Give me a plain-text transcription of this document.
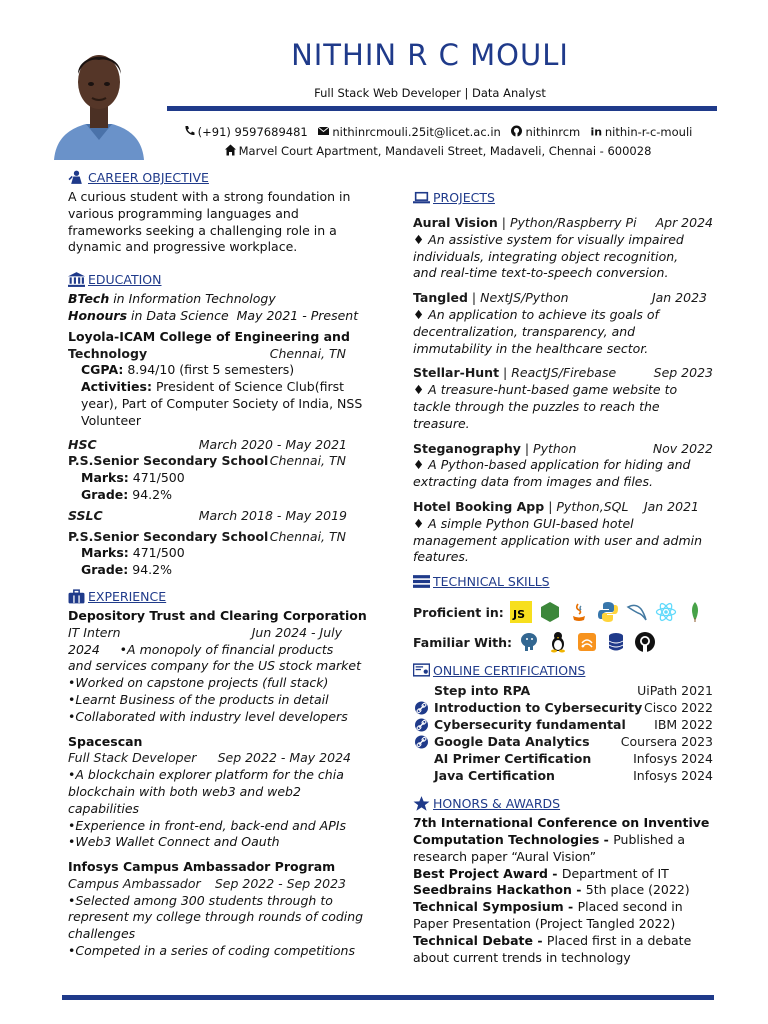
NITHIN R C MOULI
Full Stack Web Developer | Data Analyst
(+91) 9597689481 nithinrcmouli.25it@licet.ac.in nithinrcm in nithin-r-c-mouli
Marvel Court Apartment, Mandaveli Street, Madaveli, Chennai - 600028
CAREER OBJECTIVE
A curious student with a strong foundation in
various programming languages and
frameworks seeking a challenging role in a
dynamic and progressive workplace.
EDUCATION
BTech in Information Technology
Honours in Data Science May 2021 - Present
Loyola-ICAM College of Engineering and
Technology	Chennai, TN
CGPA: 8.94/10 (first 5 semesters)
Activities: President of Science Club(first
year), Part of Computer Society of India, NSS
Volunteer
HSC	March 2020 - May 2021
P.S.Senior Secondary School Chennai, TN
Marks: 471/500
Grade: 94.2%
SSLC	March 2018 - May 2019
P.S.Senior Secondary School Chennai, TN
Marks: 471/500
Grade: 94.2%
EXPERIENCE
Depository Trust and Clearing Corporation
IT Intern	Jun 2024 - July
2024     •A monopoly of financial products
and services company for the US stock market
•Worked on capstone projects (full stack)
•Learnt Business of the products in detail
•Collaborated with industry level developers
Spacescan
Full Stack Developer Sep 2022 - May 2024
•A blockchain explorer platform for the chia
blockchain with both web3 and web2
capabilities
•Experience in front-end, back-end and APIs
•Web3 Wallet Connect and Oauth
Infosys Campus Ambassador Program
Campus Ambassador Sep 2022 - Sep 2023
•Selected among 300 students through to
represent my college through rounds of coding
challenges
•Competed in a series of coding competitions
PROJECTS
Aural Vision | Python/Raspberry Pi Apr 2024
♦ An assistive system for visually impaired
individuals, integrating object recognition,
and real-time text-to-speech conversion.
Tangled | NextJS/Python	Jan 2023
♦ An application to achieve its goals of
decentralization, transparency, and
immutability in the healthcare sector.
Stellar-Hunt | ReactJS/Firebase	Sep 2023
♦ A treasure-hunt-based game website to
tackle through the puzzles to reach the
treasure.
Steganography | Python	Nov 2022
♦ A Python-based application for hiding and
extracting data from images and files.
Hotel Booking App | Python,SQL Jan 2021
♦ A simple Python GUI-based hotel
management application with user and admin
features.
TECHNICAL SKILLS
Proficient in: JS
Familiar With:
ONLINE CERTIFICATIONS
Step into RPA	UiPath 2021
Introduction to Cybersecurity Cisco 2022
Cybersecurity fundamental	IBM 2022
Google Data Analytics	Coursera 2023
AI Primer Certification	Infosys 2024
Java Certification	Infosys 2024
HONORS & AWARDS
7th International Conference on Inventive
Computation Technologies - Published a
research paper “Aural Vision”
Best Project Award - Department of IT
Seedbrains Hackathon - 5th place (2022)
Technical Symposium - Placed second in
Paper Presentation (Project Tangled 2022)
Technical Debate - Placed first in a debate
about current trends in technology
